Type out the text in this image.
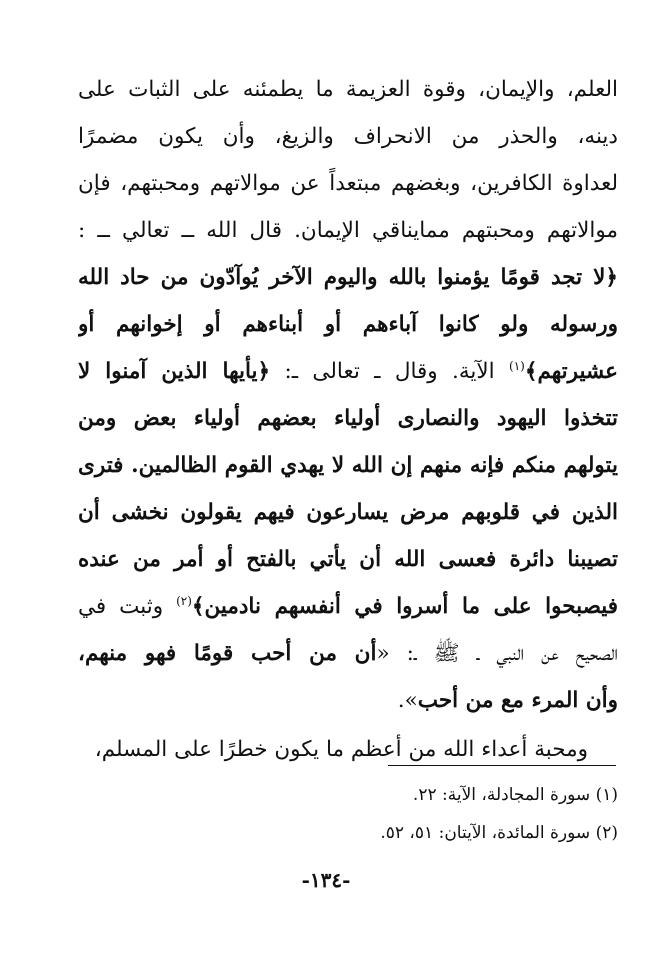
العلم، والإيمان، وقوة العزيمة ما يطمئنه على الثبات على
دينه، والحذر من الانحراف والزيغ، وأن يكون مضمرًا
لعداوة الكافرين، وبغضهم مبتعداً عن موالاتهم ومحبتهم، فإن
موالاتهم ومحبتهم ممايناقي الإيمان. قال الله ــ تعالي ــ :
﴿لا تجد قومًا يؤمنوا بالله واليوم الآخر يُوآدّون من حاد الله
ورسوله ولو كانوا آباءهم أو أبناءهم أو إخوانهم أو
عشيرتهم﴾$^{(١)}$ الآية. وقال ـ تعالى ـ: ﴿يأيها الذين آمنوا لا
تتخذوا اليهود والنصارى أولياء بعضهم أولياء بعض ومن
يتولهم منكم فإنه منهم إن الله لا يهدي القوم الظالمين. فترى
الذين في قلوبهم مرض يسارعون فيهم يقولون نخشى أن
تصيبنا دائرة فعسى الله أن يأتي بالفتح أو أمر من عنده
فيصبحوا على ما أسروا في أنفسهم نادمين﴾$^{(٢)}$ وثبت في
الصحيح عن النبي ـ ﷺ ـ: «أن من أحب قومًا فهو منهم،
وأن المرء مع من أحب».
ومحبة أعداء الله من أعظم ما يكون خطرًا على المسلم،
(١) سورة المجادلة، الآية: ٢٢.
(٢) سورة المائدة، الآيتان: ٥١، ٥٢.
-١٣٤-
